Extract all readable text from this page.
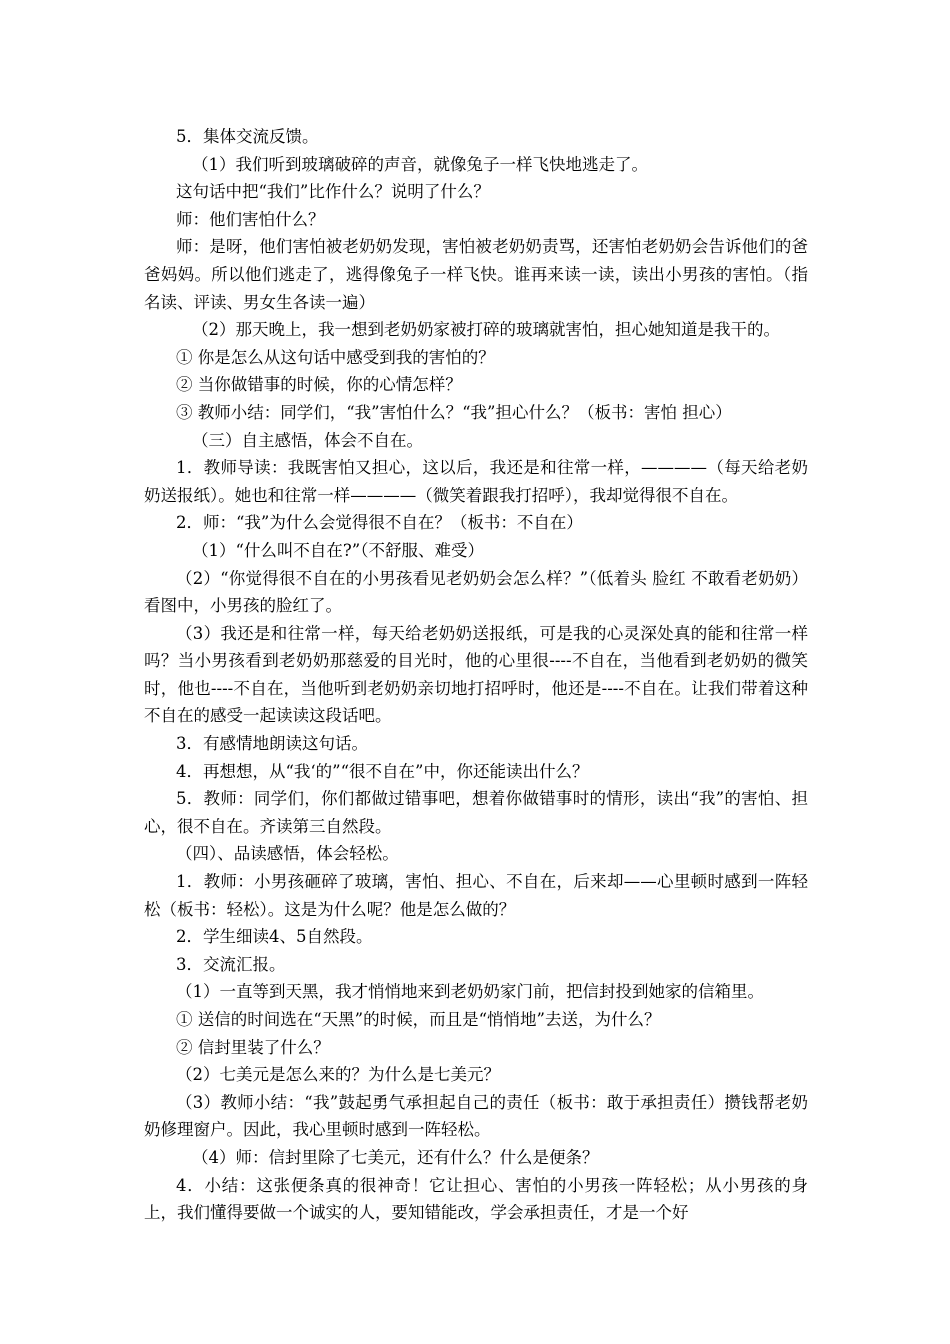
5．集体交流反馈。

（1）我们听到玻璃破碎的声音，就像兔子一样飞快地逃走了。

这句话中把“我们”比作什么？说明了什么？

师：他们害怕什么？

师：是呀，他们害怕被老奶奶发现，害怕被老奶奶责骂，还害怕老奶奶会告诉他们的爸爸妈妈。所以他们逃走了，逃得像兔子一样飞快。谁再来读一读，读出小男孩的害怕。（指名读、评读、男女生各读一遍）

（2）那天晚上，我一想到老奶奶家被打碎的玻璃就害怕，担心她知道是我干的。

① 你是怎么从这句话中感受到我的害怕的？

② 当你做错事的时候，你的心情怎样？

③ 教师小结：同学们，“我”害怕什么？“我”担心什么？（板书：害怕 担心）

（三）自主感悟，体会不自在。

1．教师导读：我既害怕又担心，这以后，我还是和往常一样，————（每天给老奶奶送报纸）。她也和往常一样————（微笑着跟我打招呼），我却觉得很不自在。

2．师：“我”为什么会觉得很不自在？（板书：不自在）

（1）“什么叫不自在?”（不舒服、难受）

（2）“你觉得很不自在的小男孩看见老奶奶会怎么样？”（低着头 脸红 不敢看老奶奶）看图中，小男孩的脸红了。

（3）我还是和往常一样，每天给老奶奶送报纸，可是我的心灵深处真的能和往常一样吗？当小男孩看到老奶奶那慈爱的目光时，他的心里很----不自在，当他看到老奶奶的微笑时，他也----不自在，当他听到老奶奶亲切地打招呼时，他还是----不自在。让我们带着这种不自在的感受一起读读这段话吧。

3．有感情地朗读这句话。

4．再想想，从“我‘的”“很不自在”中，你还能读出什么？

5．教师：同学们，你们都做过错事吧，想着你做错事时的情形，读出“我”的害怕、担心，很不自在。齐读第三自然段。

（四）、品读感悟，体会轻松。

1．教师：小男孩砸碎了玻璃，害怕、担心、不自在，后来却——心里顿时感到一阵轻松（板书：轻松）。这是为什么呢？他是怎么做的？

2．学生细读4、5自然段。

3．交流汇报。

（1）一直等到天黑，我才悄悄地来到老奶奶家门前，把信封投到她家的信箱里。

① 送信的时间选在“天黑”的时候，而且是“悄悄地”去送，为什么？

② 信封里装了什么？

（2）七美元是怎么来的？为什么是七美元？

（3）教师小结：“我”鼓起勇气承担起自己的责任（板书：敢于承担责任）攒钱帮老奶奶修理窗户。因此，我心里顿时感到一阵轻松。

（4）师：信封里除了七美元，还有什么？什么是便条？

4．小结：这张便条真的很神奇！它让担心、害怕的小男孩一阵轻松；从小男孩的身上，我们懂得要做一个诚实的人，要知错能改，学会承担责任，才是一个好
